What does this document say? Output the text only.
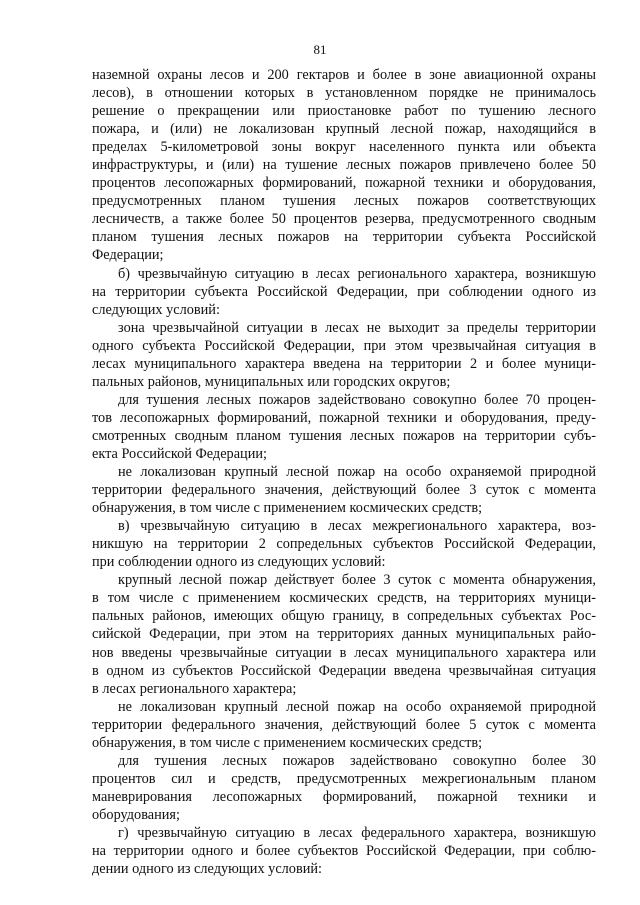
81
наземной охраны лесов и 200 гектаров и более в зоне авиационной охраны
лесов), в отношении которых в установленном порядке не принималось
решение о прекращении или приостановке работ по тушению лесного
пожара, и (или) не локализован крупный лесной пожар, находящийся в
пределах 5-километровой зоны вокруг населенного пункта или объекта
инфраструктуры, и (или) на тушение лесных пожаров привлечено более 50
процентов лесопожарных формирований, пожарной техники и оборудования,
предусмотренных планом тушения лесных пожаров соответствующих
лесничеств, а также более 50 процентов резерва, предусмотренного сводным
планом тушения лесных пожаров на территории субъекта Российской
Федерации;
б) чрезвычайную ситуацию в лесах регионального характера, возникшую
на территории субъекта Российской Федерации, при соблюдении одного из
следующих условий:
зона чрезвычайной ситуации в лесах не выходит за пределы территории
одного субъекта Российской Федерации, при этом чрезвычайная ситуация в
лесах муниципального характера введена на территории 2 и более муници-
пальных районов, муниципальных или городских округов;
для тушения лесных пожаров задействовано совокупно более 70 процен-
тов лесопожарных формирований, пожарной техники и оборудования, преду-
смотренных сводным планом тушения лесных пожаров на территории субъ-
екта Российской Федерации;
не локализован крупный лесной пожар на особо охраняемой природной
территории федерального значения, действующий более 3 суток с момента
обнаружения, в том числе с применением космических средств;
в) чрезвычайную ситуацию в лесах межрегионального характера, воз-
никшую на территории 2 сопредельных субъектов Российской Федерации,
при соблюдении одного из следующих условий:
крупный лесной пожар действует более 3 суток с момента обнаружения,
в том числе с применением космических средств, на территориях муници-
пальных районов, имеющих общую границу, в сопредельных субъектах Рос-
сийской Федерации, при этом на территориях данных муниципальных райо-
нов введены чрезвычайные ситуации в лесах муниципального характера или
в одном из субъектов Российской Федерации введена чрезвычайная ситуация
в лесах регионального характера;
не локализован крупный лесной пожар на особо охраняемой природной
территории федерального значения, действующий более 5 суток с момента
обнаружения, в том числе с применением космических средств;
для тушения лесных пожаров задействовано совокупно более 30
процентов сил и средств, предусмотренных межрегиональным планом
маневрирования лесопожарных формирований, пожарной техники и
оборудования;
г) чрезвычайную ситуацию в лесах федерального характера, возникшую
на территории одного и более субъектов Российской Федерации, при соблю-
дении одного из следующих условий:
